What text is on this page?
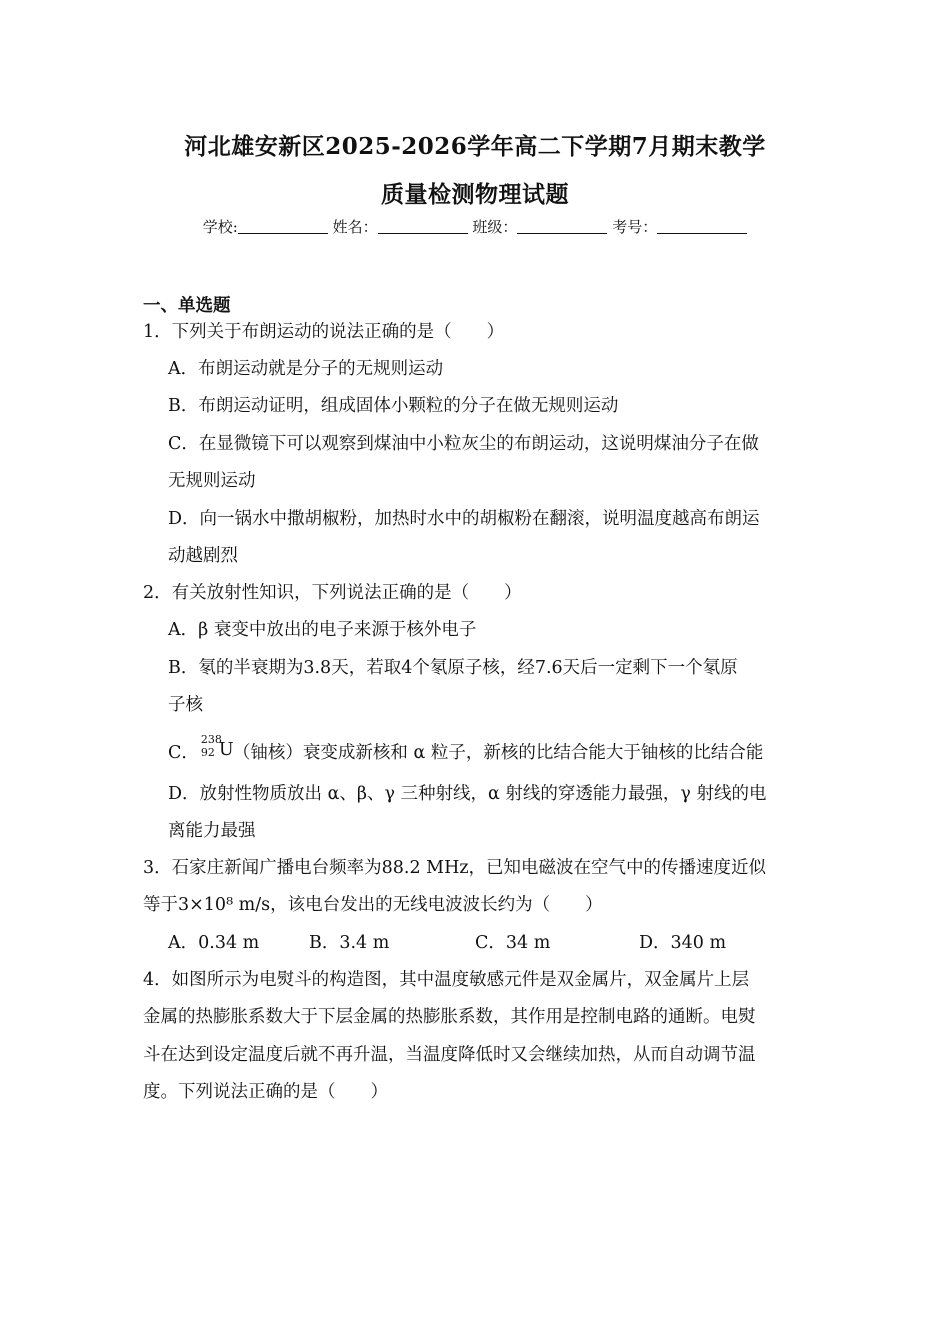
河北雄安新区2025-2026学年高二下学期7月期末教学
质量检测物理试题
学校:	姓名：	班级：	考号：
一、单选题
1．下列关于布朗运动的说法正确的是（　　）
A．布朗运动就是分子的无规则运动
B．布朗运动证明，组成固体小颗粒的分子在做无规则运动
C．在显微镜下可以观察到煤油中小粒灰尘的布朗运动，这说明煤油分子在做
无规则运动
D．向一锅水中撒胡椒粉，加热时水中的胡椒粉在翻滚，说明温度越高布朗运
动越剧烈
2．有关放射性知识，下列说法正确的是（　　）
A．β 衰变中放出的电子来源于核外电子
B．氡的半衰期为3.8天，若取4个氡原子核，经7.6天后一定剩下一个氡原
子核
C．
238
92 U （铀核）衰变成新核和 α 粒子，新核的比结合能大于铀核的比结合能
D．放射性物质放出 α、β、γ 三种射线，α 射线的穿透能力最强，γ 射线的电
离能力最强
3．石家庄新闻广播电台频率为88.2 MHz，已知电磁波在空气中的传播速度近似
等于3×10⁸ m/s，该电台发出的无线电波波长约为（　　）
A．0.34 m	B．3.4 m	C．34 m	D．340 m
4．如图所示为电熨斗的构造图，其中温度敏感元件是双金属片，双金属片上层
金属的热膨胀系数大于下层金属的热膨胀系数，其作用是控制电路的通断。电熨
斗在达到设定温度后就不再升温，当温度降低时又会继续加热，从而自动调节温
度。下列说法正确的是（　　）
